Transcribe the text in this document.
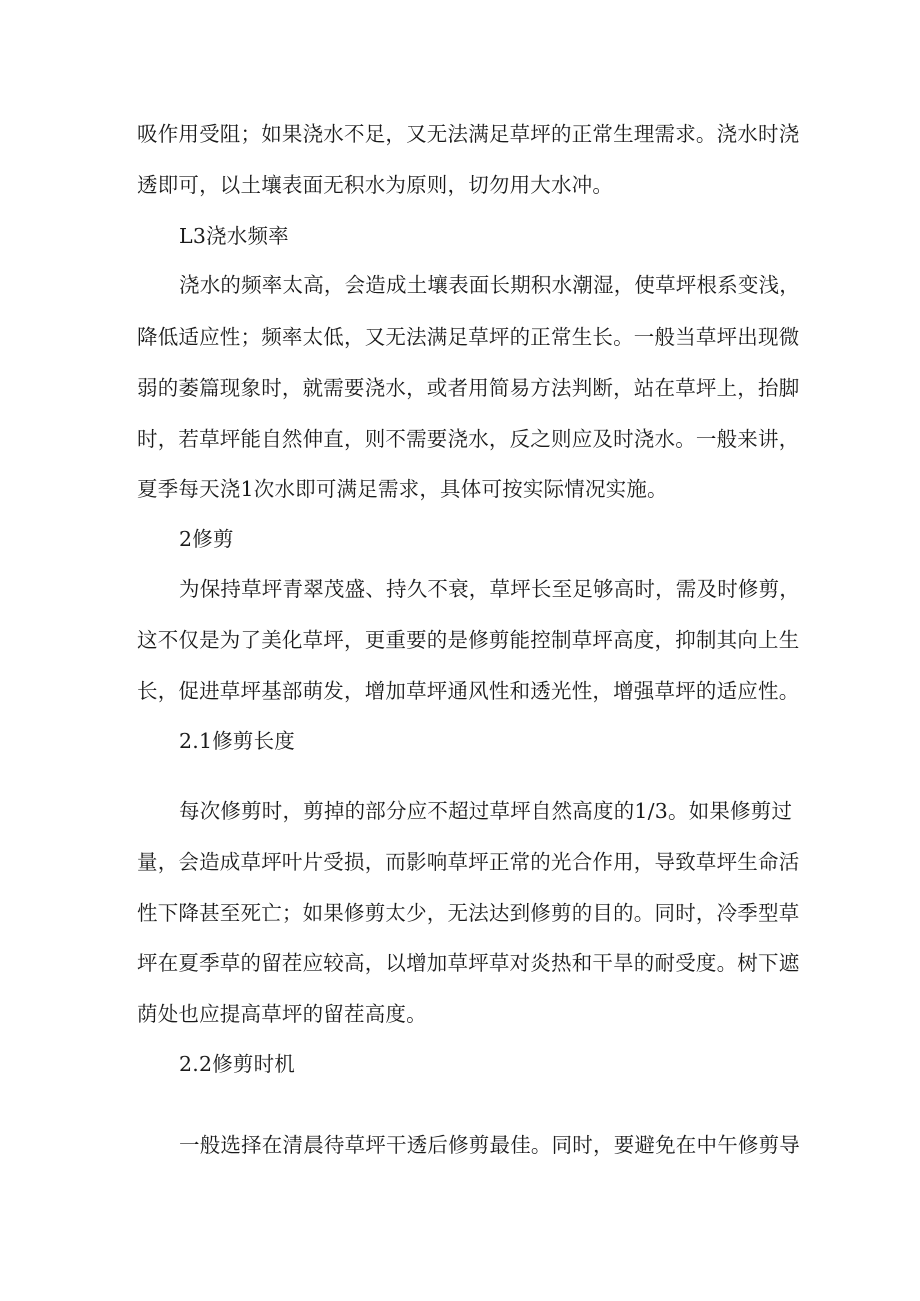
吸作用受阻；如果浇水不足，又无法满足草坪的正常生理需求。浇水时浇
透即可，以土壤表面无积水为原则，切勿用大水冲。
L3浇水频率
浇水的频率太高，会造成土壤表面长期积水潮湿，使草坪根系变浅，
降低适应性；频率太低，又无法满足草坪的正常生长。一般当草坪出现微
弱的萎篇现象时，就需要浇水，或者用简易方法判断，站在草坪上，抬脚
时，若草坪能自然伸直，则不需要浇水，反之则应及时浇水。一般来讲，
夏季每天浇1次水即可满足需求，具体可按实际情况实施。
2修剪
为保持草坪青翠茂盛、持久不衰，草坪长至足够高时，需及时修剪，
这不仅是为了美化草坪，更重要的是修剪能控制草坪高度，抑制其向上生
长，促进草坪基部萌发，增加草坪通风性和透光性，增强草坪的适应性。
2.1修剪长度
每次修剪时，剪掉的部分应不超过草坪自然高度的1/3。如果修剪过
量，会造成草坪叶片受损，而影响草坪正常的光合作用，导致草坪生命活
性下降甚至死亡；如果修剪太少，无法达到修剪的目的。同时，冷季型草
坪在夏季草的留茬应较高，以增加草坪草对炎热和干旱的耐受度。树下遮
荫处也应提高草坪的留茬高度。
2.2修剪时机
一般选择在清晨待草坪干透后修剪最佳。同时，要避免在中午修剪导
